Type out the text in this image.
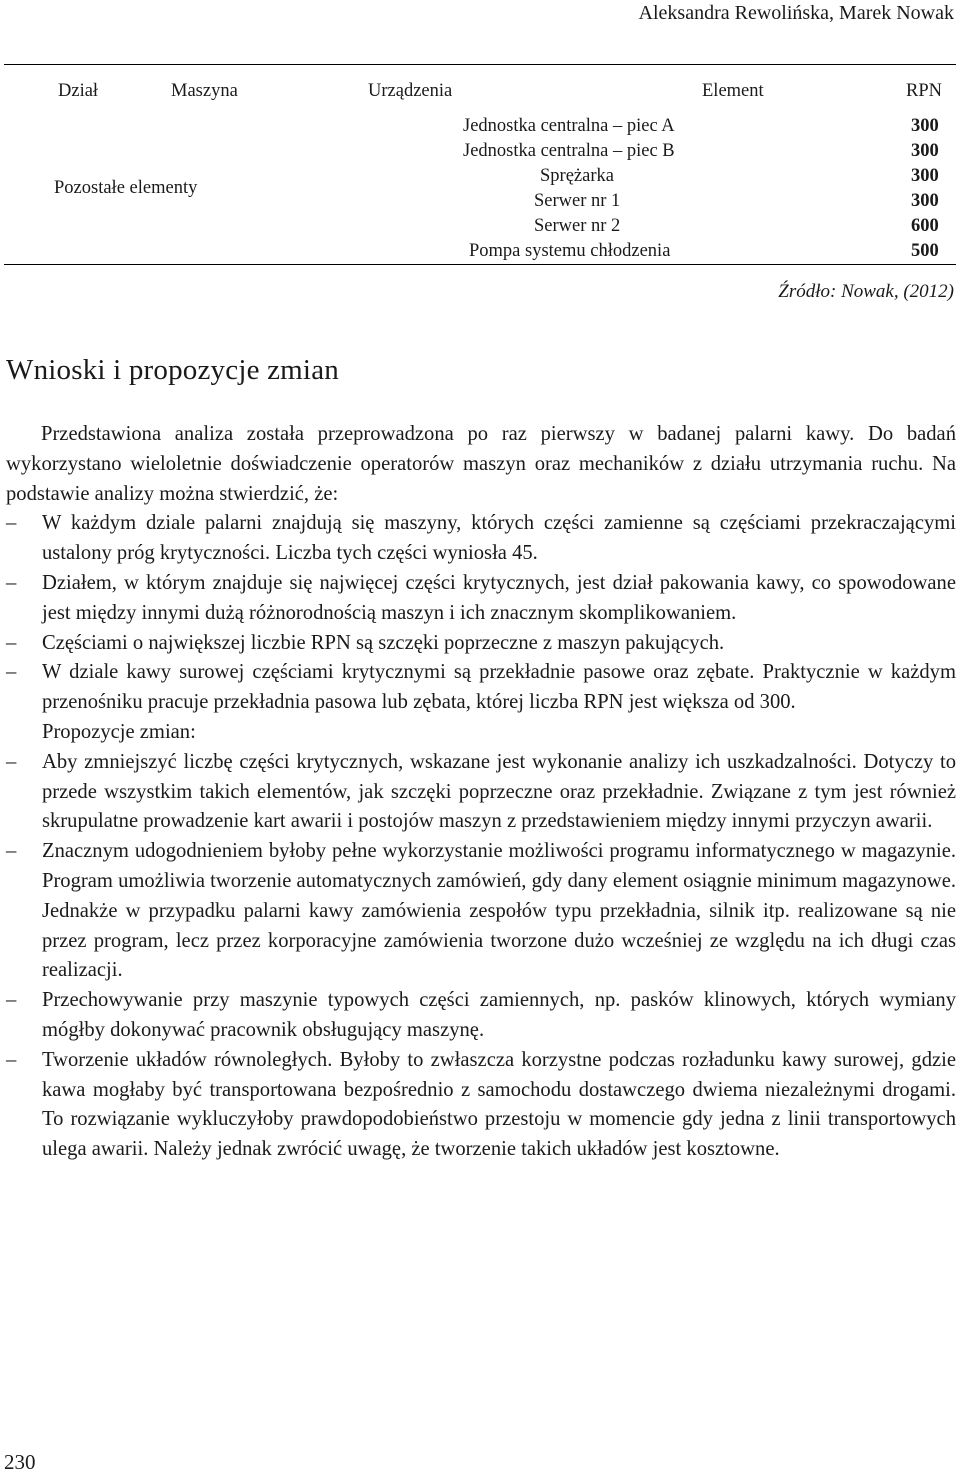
Aleksandra Rewolińska, Marek Nowak
Dział	Maszyna	Urządzenia	Element	RPN
Pozostałe elementy
Jednostka centralna – piec A	300
Jednostka centralna – piec B	300
Sprężarka	300
Serwer nr 1	300
Serwer nr 2	600
Pompa systemu chłodzenia	500
Źródło: Nowak, (2012)
Wnioski i propozycje zmian

Przedstawiona analiza została przeprowadzona po raz pierwszy w badanej palarni kawy. Do badań wykorzystano wieloletnie doświadczenie operatorów maszyn oraz mechaników z działu utrzymania ruchu. Na podstawie analizy można stwierdzić, że:

–	W każdym dziale palarni znajdują się maszyny, których części zamienne są częściami przekraczającymi ustalony próg krytyczności. Liczba tych części wyniosła 45.

–	Działem, w którym znajduje się najwięcej części krytycznych, jest dział pakowania kawy, co spowodowane jest między innymi dużą różnorodnością maszyn i ich znacznym skomplikowaniem.

–	Częściami o największej liczbie RPN są szczęki poprzeczne z maszyn pakujących.

–	W dziale kawy surowej częściami krytycznymi są przekładnie pasowe oraz zębate. Praktycznie w każdym przenośniku pracuje przekładnia pasowa lub zębata, której liczba RPN jest większa od 300.

Propozycje zmian:

–	Aby zmniejszyć liczbę części krytycznych, wskazane jest wykonanie analizy ich uszkadzalności. Dotyczy to przede wszystkim takich elementów, jak szczęki poprzeczne oraz przekładnie. Związane z tym jest również skrupulatne prowadzenie kart awarii i postojów maszyn z przedstawieniem między innymi przyczyn awarii.

–	Znacznym udogodnieniem byłoby pełne wykorzystanie możliwości programu informatycznego w magazynie. Program umożliwia tworzenie automatycznych zamówień, gdy dany element osiągnie minimum magazynowe. Jednakże w przypadku palarni kawy zamówienia zespołów typu przekładnia, silnik itp. realizowane są nie przez program, lecz przez korporacyjne zamówienia tworzone dużo wcześniej ze względu na ich długi czas realizacji.

–	Przechowywanie przy maszynie typowych części zamiennych, np. pasków klinowych, których wymiany mógłby dokonywać pracownik obsługujący maszynę.

–	Tworzenie układów równoległych. Byłoby to zwłaszcza korzystne podczas rozładunku kawy surowej, gdzie kawa mogłaby być transportowana bezpośrednio z samochodu dostawczego dwiema niezależnymi drogami. To rozwiązanie wykluczyłoby prawdopodobieństwo przestoju w momencie gdy jedna z linii transportowych ulega awarii. Należy jednak zwrócić uwagę, że tworzenie takich układów jest kosztowne.

230
